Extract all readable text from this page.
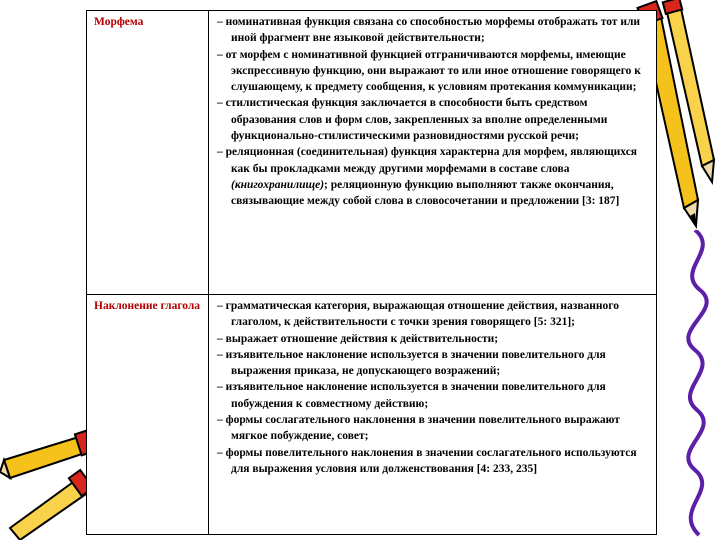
Морфема	– номинативная функция связана со способностью морфемы отображать тот или иной фрагмент вне языковой действительности;

– от морфем с номинативной функцией отграничиваются морфемы, имеющие экспрессивную функцию, они выражают то или иное отношение говорящего к слушающему, к предмету сообщения, к условиям протекания коммуникации;

– стилистическая функция заключается в способности быть средством образования слов и форм слов, закрепленных за вполне определенными функционально-стилистическими разновидностями русской речи;

– реляционная (соединительная) функция характерна для морфем, являющихся как бы прокладками между другими морфемами в составе слова (книгохранилище); реляционную функцию выполняют также окончания, связывающие между собой слова в словосочетании и предложении [3: 187]

Наклонение глагола	– грамматическая категория, выражающая отношение действия, названного глаголом, к действительности с точки зрения говорящего [5: 321];

– выражает отношение действия к действительности;

– изъявительное наклонение используется в значении повелительного для выражения приказа, не допускающего возражений;

– изъявительное наклонение используется в значении повелительного для побуждения к совместному действию;

– формы сослагательного наклонения в значении повелительного выражают мягкое побуждение, совет;

– формы повелительного наклонения в значении сослагательного используются для выражения условия или долженствования [4: 233, 235]
